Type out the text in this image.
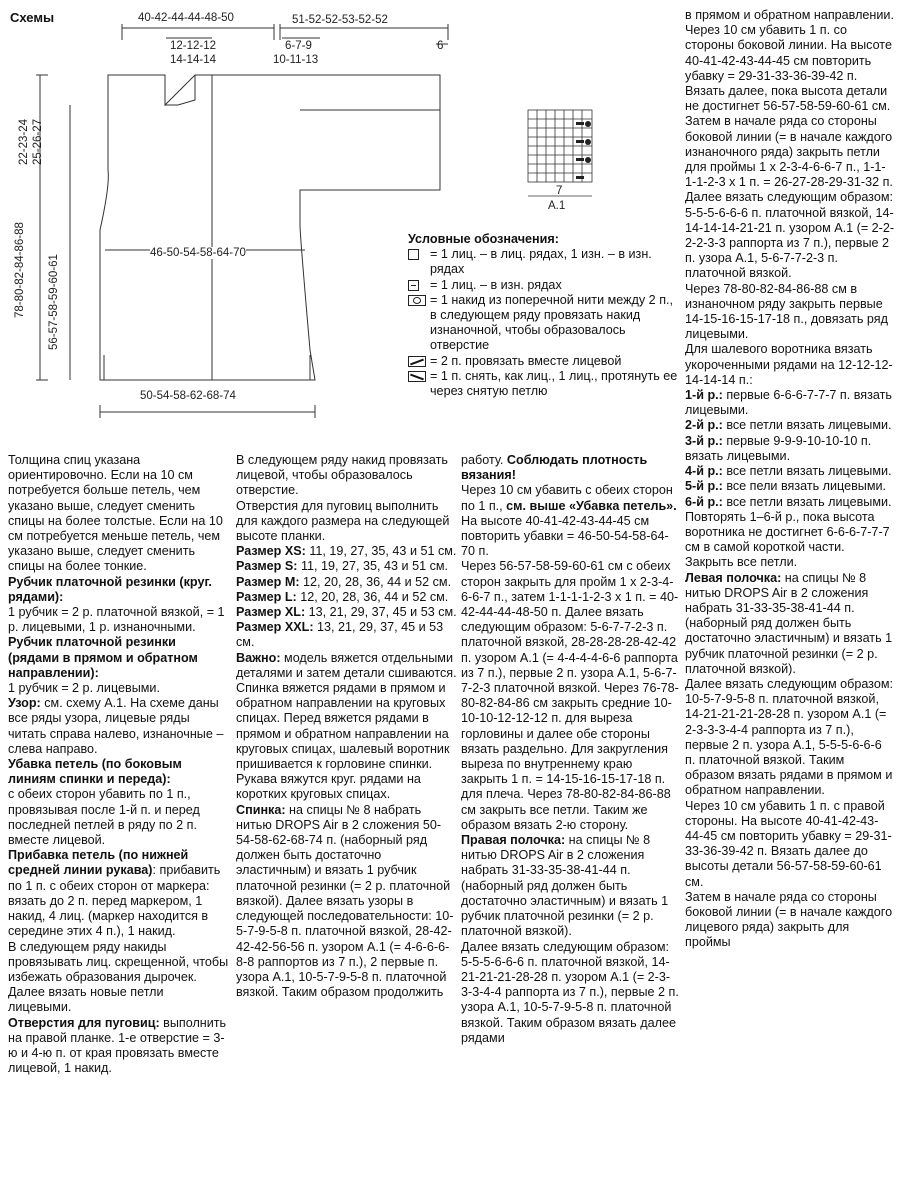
Схемы	40-42-44-44-48-50
12-12-12
14-14-14
51-52-52-53-52-52
6-7-9
10-11-13
6
22-23-24 25-26-27
46-50-54-58-64-70
78-80-82-84-86-88 56-57-58-59-60-61
50-54-58-62-68-74
7
A.1
Условные обозначения:
= 1 лиц. – в лиц. рядах, 1 изн. – в изн. рядах
= 1 лиц. – в изн. рядах
= 1 накид из поперечной нити между 2 п., в следующем ряду провязать накид изнаночной, чтобы образовалось отверстие
= 2 п. провязать вместе лицевой
= 1 п. снять, как лиц., 1 лиц., протянуть ее через снятую петлю

Толщина спиц указана ориентировочно. Если на 10 см потребуется больше петель, чем указано выше, следует сменить спицы на более толстые. Если на 10 см потребуется меньше петель, чем указано выше, следует сменить спицы на более тонкие.

Рубчик платочной резинки (круг. рядами):

1 рубчик = 2 р. платочной вязкой, = 1 р. лицевыми, 1 р. изнаночными.

Рубчик платочной резинки (рядами в прямом и обратном направлении):

1 рубчик = 2 р. лицевыми.

Узор: см. схему А.1. На схеме даны все ряды узора, лицевые ряды читать справа налево, изнаночные – слева направо.

Убавка петель (по боковым линиям спинки и переда):

с обеих сторон убавить по 1 п., провязывая после 1-й п. и перед последней петлей в ряду по 2 п. вместе лицевой.

Прибавка петель (по нижней средней линии рукава): прибавить по 1 п. с обеих сторон от маркера: вязать до 2 п. перед маркером, 1 накид, 4 лиц. (маркер находится в середине этих 4 п.), 1 накид.

В следующем ряду накиды провязывать лиц. скрещенной, чтобы избежать образования дырочек. Далее вязать новые петли лицевыми.

Отверстия для пуговиц: выполнить на правой планке. 1-е отверстие = 3-ю и 4-ю п. от края провязать вместе лицевой, 1 накид.

В следующем ряду накид провязать лицевой, чтобы образовалось отверстие.

Отверстия для пуговиц выполнить для каждого размера на следующей высоте планки.

Размер XS: 11, 19, 27, 35, 43 и 51 см.

Размер S: 11, 19, 27, 35, 43 и 51 см.

Размер M: 12, 20, 28, 36, 44 и 52 см.

Размер L: 12, 20, 28, 36, 44 и 52 см.

Размер XL: 13, 21, 29, 37, 45 и 53 см.

Размер XXL: 13, 21, 29, 37, 45 и 53 см.

Важно: модель вяжется отдельными деталями и затем детали сшиваются. Спинка вяжется рядами в прямом и обратном направлении на круговых спицах. Перед вяжется рядами в прямом и обратном направлении на круговых спицах, шалевый воротник пришивается к горловине спинки. Рукава вяжутся круг. рядами на коротких круговых спицах.

Спинка: на спицы № 8 набрать нитью DROPS Air в 2 сложения 50-54-58-62-68-74 п. (наборный ряд должен быть достаточно эластичным) и вязать 1 рубчик платочной резинки (= 2 р. платочной вязкой). Далее вязать узоры в следующей последовательности: 10-5-7-9-5-8 п. платочной вязкой, 28-42-42-42-56-56 п. узором А.1 (= 4-6-6-6-8-8 раппортов из 7 п.), 2 первые п. узора А.1, 10-5-7-9-5-8 п. платочной вязкой. Таким образом продолжить

работу. Соблюдать плотность вязания!

Через 10 см убавить с обеих сторон по 1 п., см. выше «Убавка петель».

На высоте 40-41-42-43-44-45 см повторить убавки = 46-50-54-58-64-70 п.

Через 56-57-58-59-60-61 см с обеих сторон закрыть для пройм 1 х 2-3-4-6-6-7 п., затем 1-1-1-1-2-3 х 1 п. = 40-42-44-44-48-50 п. Далее вязать следующим образом: 5-6-7-7-2-3 п. платочной вязкой, 28-28-28-28-42-42 п. узором А.1 (= 4-4-4-4-6-6 раппорта из 7 п.), первые 2 п. узора А.1, 5-6-7-7-2-3 платочной вязкой. Через 76-78-80-82-84-86 см закрыть средние 10-10-10-12-12-12 п. для выреза горловины и далее обе стороны вязать раздельно. Для закругления выреза по внутреннему краю закрыть 1 п. = 14-15-16-15-17-18 п. для плеча. Через 78-80-82-84-86-88 см закрыть все петли. Таким же образом вязать 2-ю сторону.

Правая полочка: на спицы № 8 нитью DROPS Air в 2 сложения набрать 31-33-35-38-41-44 п. (наборный ряд должен быть достаточно эластичным) и вязать 1 рубчик платочной резинки (= 2 р. платочной вязкой).

Далее вязать следующим образом: 5-5-5-6-6-6 п. платочной вязкой, 14-21-21-21-28-28 п. узором А.1 (= 2-3-3-3-4-4 раппорта из 7 п.), первые 2 п. узора А.1, 10-5-7-9-5-8 п. платочной вязкой. Таким образом вязать далее рядами

в прямом и обратном направлении. Через 10 см убавить 1 п. со стороны боковой линии. На высоте 40-41-42-43-44-45 см повторить убавку = 29-31-33-36-39-42 п.

Вязать далее, пока высота детали не достигнет 56-57-58-59-60-61 см.

Затем в начале ряда со стороны боковой линии (= в начале каждого изнаночного ряда) закрыть петли для проймы 1 х 2-3-4-6-6-7 п., 1-1-1-1-2-3 х 1 п. = 26-27-28-29-31-32 п.

Далее вязать следующим образом: 5-5-5-6-6-6 п. платочной вязкой, 14-14-14-14-21-21 п. узором А.1 (= 2-2-2-2-3-3 раппорта из 7 п.), первые 2 п. узора А.1, 5-6-7-7-2-3 п. платочной вязкой.

Через 78-80-82-84-86-88 см в изнаночном ряду закрыть первые 14-15-16-15-17-18 п., довязать ряд лицевыми.

Для шалевого воротника вязать укороченными рядами на 12-12-12-14-14-14 п.:

1-й р.: первые 6-6-6-7-7-7 п. вязать лицевыми.

2-й р.: все петли вязать лицевыми.

3-й р.: первые 9-9-9-10-10-10 п. вязать лицевыми.

4-й р.: все петли вязать лицевыми.

5-й р.: все пели вязать лицевыми.

6-й р.: все петли вязать лицевыми.

Повторять 1–6-й р., пока высота воротника не достигнет 6-6-6-7-7-7 см в самой короткой части. Закрыть все петли.

Левая полочка: на спицы № 8 нитью DROPS Air в 2 сложения набрать 31-33-35-38-41-44 п. (наборный ряд должен быть достаточно эластичным) и вязать 1 рубчик платочной резинки (= 2 р. платочной вязкой).

Далее вязать следующим образом: 10-5-7-9-5-8 п. платочной вязкой, 14-21-21-21-28-28 п. узором А.1 (= 2-3-3-3-4-4 раппорта из 7 п.), первые 2 п. узора А.1, 5-5-5-6-6-6 п. платочной вязкой. Таким образом вязать рядами в прямом и обратном направлении.

Через 10 см убавить 1 п. с правой стороны. На высоте 40-41-42-43-44-45 см повторить убавку = 29-31-33-36-39-42 п. Вязать далее до высоты детали 56-57-58-59-60-61 см.

Затем в начале ряда со стороны боковой линии (= в начале каждого лицевого ряда) закрыть для проймы
